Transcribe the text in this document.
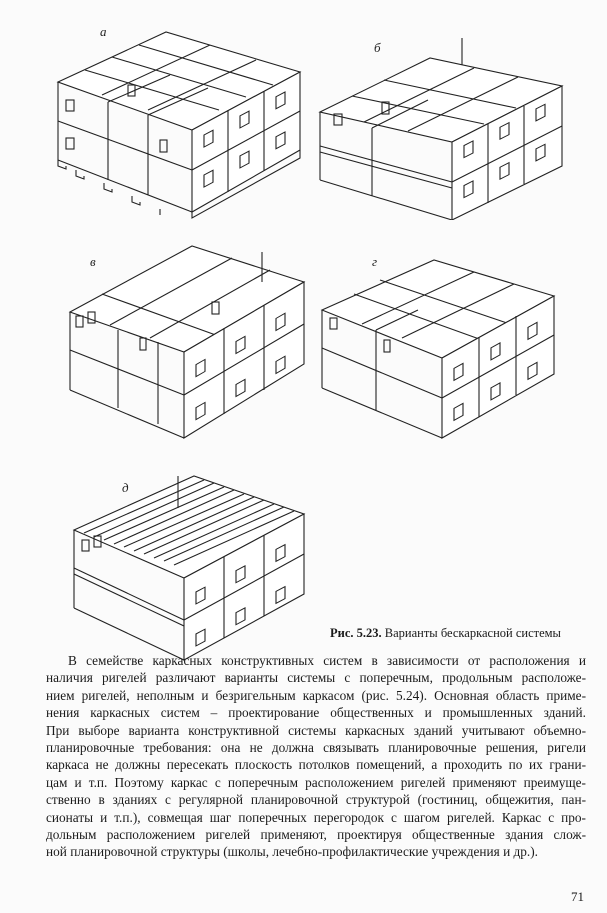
а
б
в	г
д
Рис. 5.23. Варианты бескаркасной системы
В семействе каркасных конструктивных систем в зависимости от расположения и
наличия ригелей различают варианты системы с поперечным, продольным расположе-
нием ригелей, неполным и безригельным каркасом (рис. 5.24). Основная область приме-
нения каркасных систем – проектирование общественных и промышленных зданий.
При выборе варианта конструктивной системы каркасных зданий учитывают объемно-
планировочные требования: она не должна связывать планировочные решения, ригели
каркаса не должны пересекать плоскость потолков помещений, а проходить по их грани-
цам и т.п. Поэтому каркас с поперечным расположением ригелей применяют преимуще-
ственно в зданиях с регулярной планировочной структурой (гостиниц, общежития, пан-
сионаты и т.п.), совмещая шаг поперечных перегородок с шагом ригелей. Каркас с про-
дольным расположением ригелей применяют, проектируя общественные здания слож-
ной планировочной структуры (школы, лечебно-профилактические учреждения и др.).
71
